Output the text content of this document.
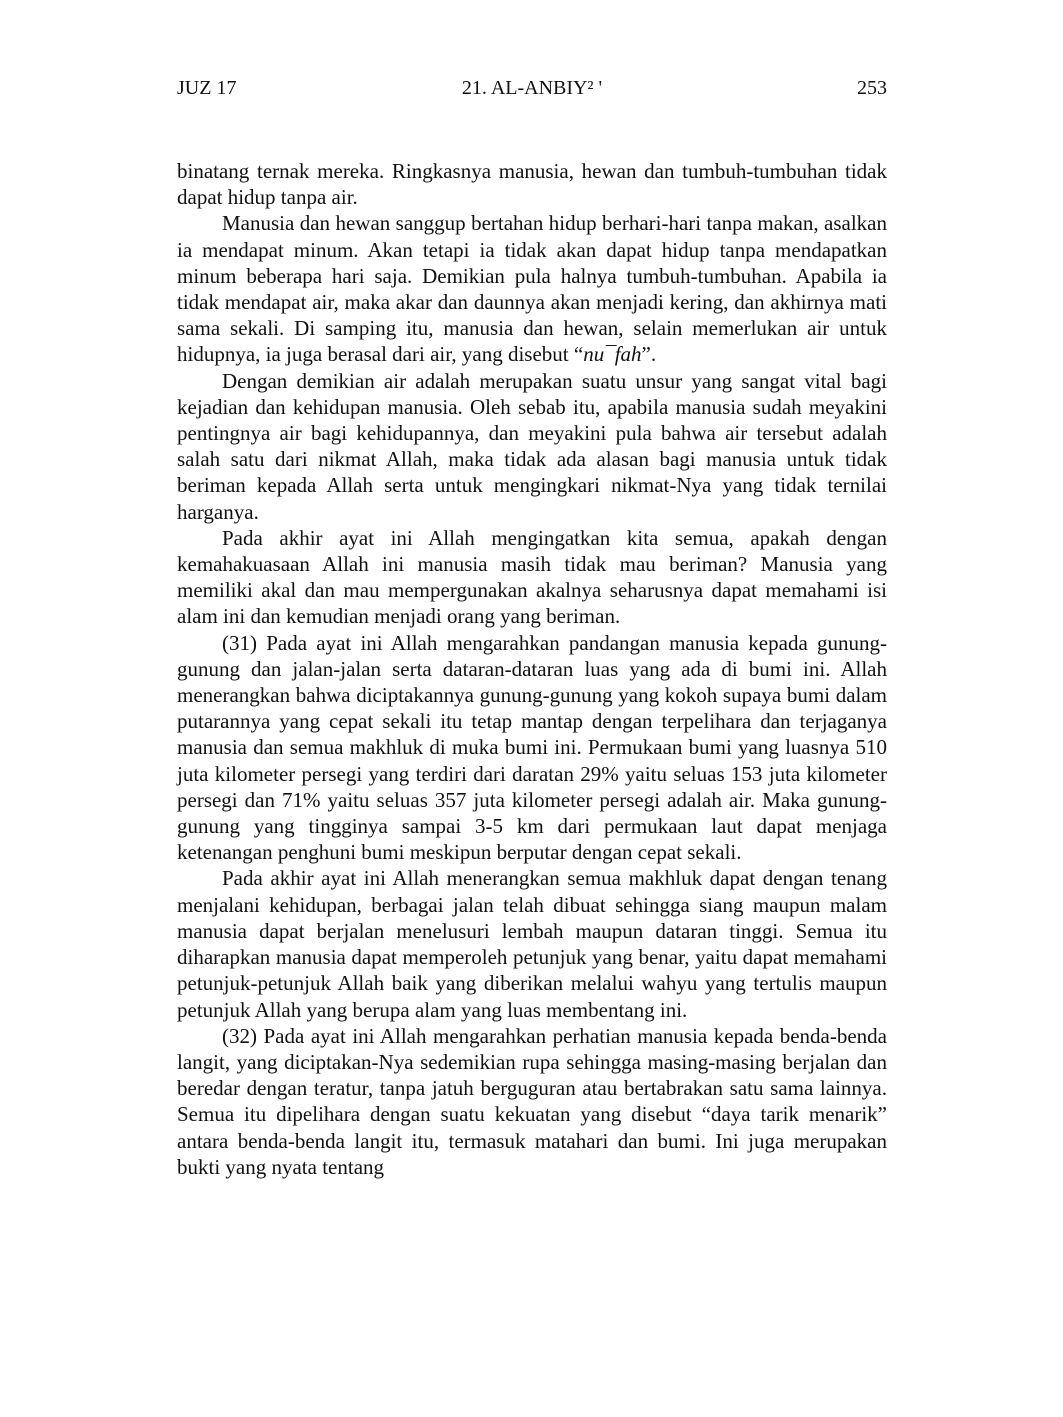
JUZ 17	21. AL-ANBIY² '	253

binatang ternak mereka. Ringkasnya manusia, hewan dan tumbuh-tumbuhan tidak dapat hidup tanpa air.

Manusia dan hewan sanggup bertahan hidup berhari-hari tanpa makan, asalkan ia mendapat minum. Akan tetapi ia tidak akan dapat hidup tanpa mendapatkan minum beberapa hari saja. Demikian pula halnya tumbuh-tumbuhan. Apabila ia tidak mendapat air, maka akar dan daunnya akan menjadi kering, dan akhirnya mati sama sekali. Di samping itu, manusia dan hewan, selain memerlukan air untuk hidupnya, ia juga berasal dari air, yang disebut “nu¯fah”.

Dengan demikian air adalah merupakan suatu unsur yang sangat vital bagi kejadian dan kehidupan manusia. Oleh sebab itu, apabila manusia sudah meyakini pentingnya air bagi kehidupannya, dan meyakini pula bahwa air tersebut adalah salah satu dari nikmat Allah, maka tidak ada alasan bagi manusia untuk tidak beriman kepada Allah serta untuk mengingkari nikmat-Nya yang tidak ternilai harganya.

Pada akhir ayat ini Allah mengingatkan kita semua, apakah dengan kemahakuasaan Allah ini manusia masih tidak mau beriman? Manusia yang memiliki akal dan mau mempergunakan akalnya seharusnya dapat memahami isi alam ini dan kemudian menjadi orang yang beriman.

(31) Pada ayat ini Allah mengarahkan pandangan manusia kepada gunung-gunung dan jalan-jalan serta dataran-dataran luas yang ada di bumi ini. Allah menerangkan bahwa diciptakannya gunung-gunung yang kokoh supaya bumi dalam putarannya yang cepat sekali itu tetap mantap dengan terpelihara dan terjaganya manusia dan semua makhluk di muka bumi ini. Permukaan bumi yang luasnya 510 juta kilometer persegi yang terdiri dari daratan 29% yaitu seluas 153 juta kilometer persegi dan 71% yaitu seluas 357 juta kilometer persegi adalah air. Maka gunung-gunung yang tingginya sampai 3-5 km dari permukaan laut dapat menjaga ketenangan penghuni bumi meskipun berputar dengan cepat sekali.

Pada akhir ayat ini Allah menerangkan semua makhluk dapat dengan tenang menjalani kehidupan, berbagai jalan telah dibuat sehingga siang maupun malam manusia dapat berjalan menelusuri lembah maupun dataran tinggi. Semua itu diharapkan manusia dapat memperoleh petunjuk yang benar, yaitu dapat memahami petunjuk-petunjuk Allah baik yang diberikan melalui wahyu yang tertulis maupun petunjuk Allah yang berupa alam yang luas membentang ini.

(32) Pada ayat ini Allah mengarahkan perhatian manusia kepada benda-benda langit, yang diciptakan-Nya sedemikian rupa sehingga masing-masing berjalan dan beredar dengan teratur, tanpa jatuh berguguran atau bertabrakan satu sama lainnya. Semua itu dipelihara dengan suatu kekuatan yang disebut “daya tarik menarik” antara benda-benda langit itu, termasuk matahari dan bumi. Ini juga merupakan bukti yang nyata tentang
